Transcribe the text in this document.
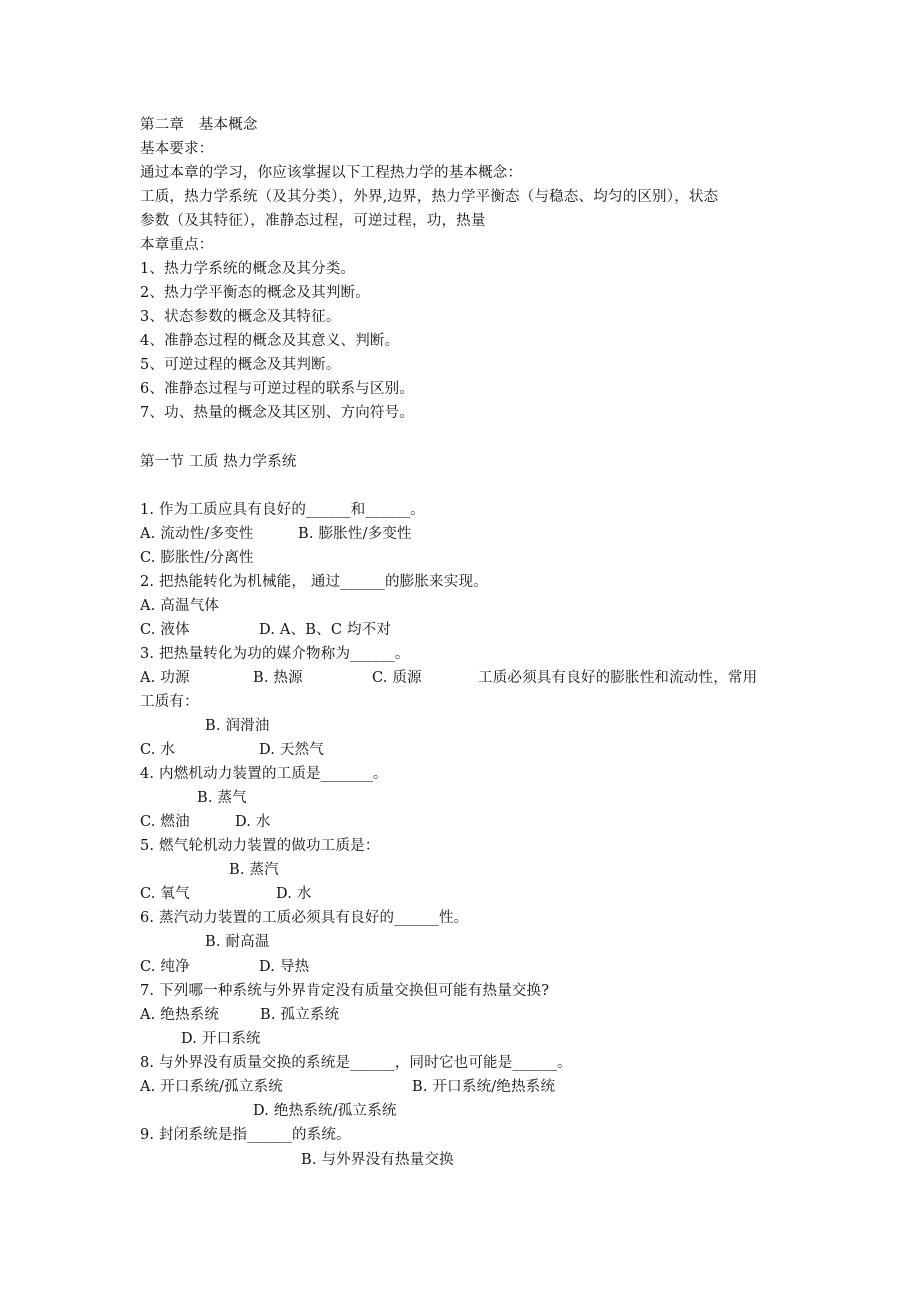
第二章　基本概念
基本要求：
通过本章的学习，你应该掌握以下工程热力学的基本概念：
工质，热力学系统（及其分类），外界,边界，热力学平衡态（与稳态、均匀的区别），状态
参数（及其特征），准静态过程，可逆过程，功，热量
本章重点：
1、热力学系统的概念及其分类。
2、热力学平衡态的概念及其判断。
3、状态参数的概念及其特征。
4、准静态过程的概念及其意义、判断。
5、可逆过程的概念及其判断。
6、准静态过程与可逆过程的联系与区别。
7、功、热量的概念及其区别、方向符号。
第一节 工质 热力学系统
1. 作为工质应具有良好的______和______。
A. 流动性/多变性	B. 膨胀性/多变性
C. 膨胀性/分离性
2. 把热能转化为机械能， 通过______的膨胀来实现。
A. 高温气体
C. 液体	D. A、B、C 均不对
3. 把热量转化为功的媒介物称为______。
A. 功源	B. 热源	C. 质源	工质必须具有良好的膨胀性和流动性，常用
工质有：
B. 润滑油
C. 水	D. 天然气
4. 内燃机动力装置的工质是_______。
B. 蒸气
C. 燃油	D. 水
5. 燃气轮机动力装置的做功工质是：
B. 蒸汽
C. 氧气	D. 水
6. 蒸汽动力装置的工质必须具有良好的______性。
B. 耐高温
C. 纯净	D. 导热
7. 下列哪一种系统与外界肯定没有质量交换但可能有热量交换?
A. 绝热系统	B. 孤立系统
D. 开口系统
8. 与外界没有质量交换的系统是______，同时它也可能是______。
A. 开口系统/孤立系统	B. 开口系统/绝热系统
D. 绝热系统/孤立系统
9. 封闭系统是指______的系统。
B. 与外界没有热量交换
